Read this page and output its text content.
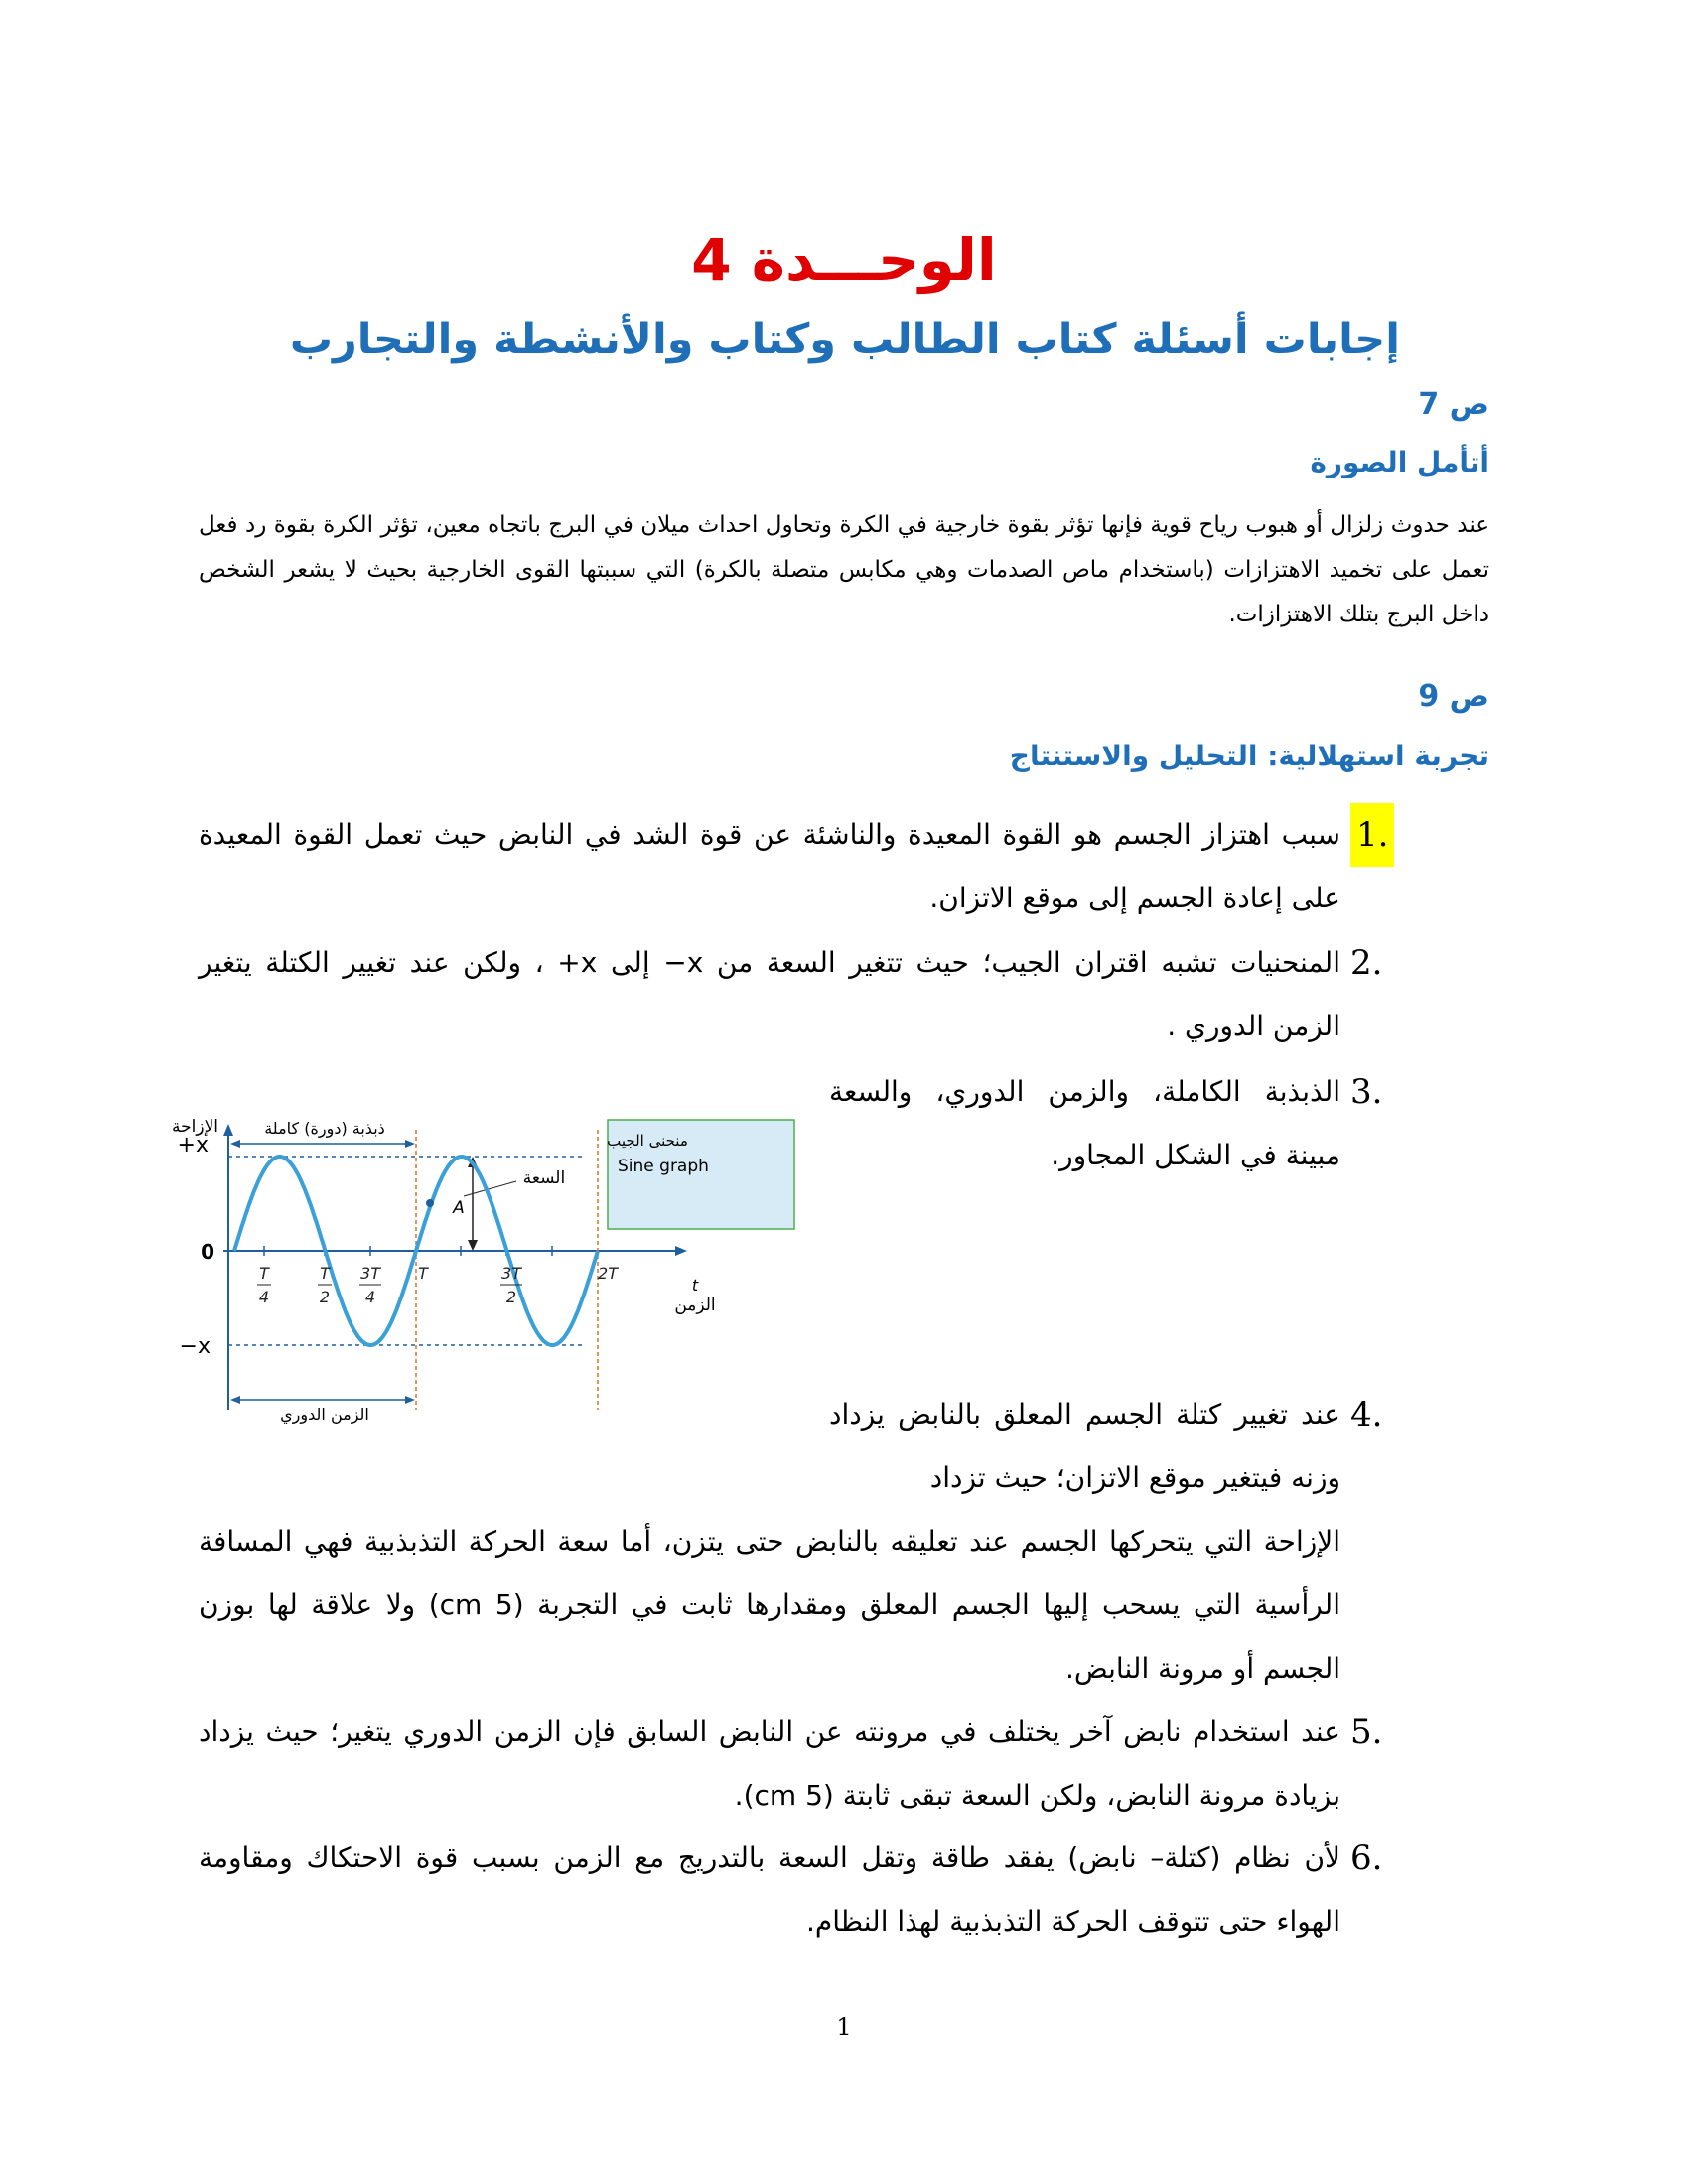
الوحـــدة 4
إجابات أسئلة كتاب الطالب وكتاب والأنشطة والتجارب
ص 7
أتأمل الصورة
عند حدوث زلزال أو هبوب رياح قوية فإنها تؤثر بقوة خارجية في الكرة وتحاول احداث ميلان في البرج باتجاه معين، تؤثر الكرة بقوة رد فعل تعمل على تخميد الاهتزازات (باستخدام ماص الصدمات وهي مكابس متصلة بالكرة) التي سببتها القوى الخارجية بحيث لا يشعر الشخص داخل البرج بتلك الاهتزازات.
ص 9
تجربة استهلالية: التحليل والاستنتاج
1.
سبب اهتزاز الجسم هو القوة المعيدة والناشئة عن قوة الشد في النابض حيث تعمل القوة المعيدة على إعادة الجسم إلى موقع الاتزان.
2.
المنحنيات تشبه اقتران الجيب؛ حيث تتغير السعة من x− إلى x+ ، ولكن عند تغيير الكتلة يتغير الزمن الدوري .
3.
الذبذبة الكاملة، والزمن الدوري، والسعة مبينة في الشكل المجاور.
+x
−x
0
الإزاحة
الزمن
t
ذبذبة (دورة) كاملة
الزمن الدوري
السعة
A
T
4
T
2
3T
4
T	3T
2
2T
منحنى الجيب
Sine graph
4.
عند تغيير كتلة الجسم المعلق بالنابض يزداد وزنه فيتغير موقع الاتزان؛ حيث تزداد
الإزاحة التي يتحركها الجسم عند تعليقه بالنابض حتى يتزن، أما سعة الحركة التذبذبية فهي المسافة الرأسية التي يسحب إليها الجسم المعلق ومقدارها ثابت في التجربة (5 cm) ولا علاقة لها بوزن الجسم أو مرونة النابض.
5.
عند استخدام نابض آخر يختلف في مرونته عن النابض السابق فإن الزمن الدوري يتغير؛ حيث يزداد بزيادة مرونة النابض، ولكن السعة تبقى ثابتة (5 cm).
6.
لأن نظام (كتلة– نابض) يفقد طاقة وتقل السعة بالتدريج مع الزمن بسبب قوة الاحتكاك ومقاومة الهواء حتى تتوقف الحركة التذبذبية لهذا النظام.
1
